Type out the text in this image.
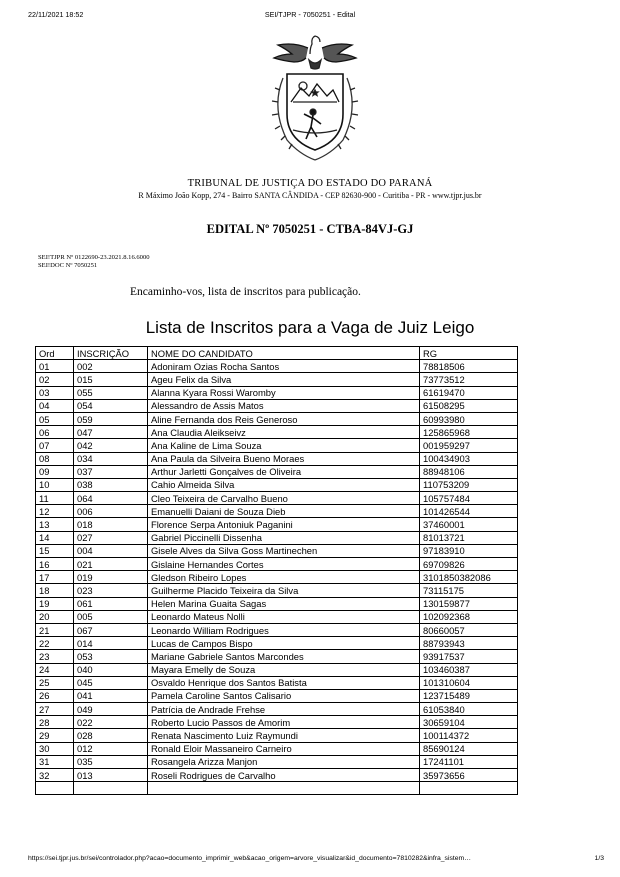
22/11/2021 18:52	SEI/TJPR - 7050251 - Edital
TRIBUNAL DE JUSTIÇA DO ESTADO DO PARANÁ
R Máximo João Kopp, 274 - Bairro SANTA CÂNDIDA - CEP 82630-900 - Curitiba - PR - www.tjpr.jus.br
EDITAL Nº 7050251 - CTBA-84VJ-GJ
SEI!TJPR Nº 0122690-23.2021.8.16.6000
SEI!DOC Nº 7050251
Encaminho-vos, lista de inscritos para publicação.
Lista de Inscritos para a Vaga de Juiz Leigo
Ord	INSCRIÇÃO	NOME DO CANDIDATO	RG
01	002	Adoniram Ozias Rocha Santos	78818506
02	015	Ageu Felix da Silva	73773512
03	055	Alanna Kyara Rossi Waromby	61619470
04	054	Alessandro de Assis Matos	61508295
05	059	Aline Fernanda dos Reis Generoso	60993980
06	047	Ana Claudia Aleikseivz	125865968
07	042	Ana Kaline de Lima Souza	001959297
08	034	Ana Paula da Silveira Bueno Moraes	100434903
09	037	Arthur Jarletti Gonçalves de Oliveira	88948106
10	038	Cahio Almeida Silva	110753209
11	064	Cleo Teixeira de Carvalho Bueno	105757484
12	006	Emanuelli Daiani de Souza Dieb	101426544
13	018	Florence Serpa Antoniuk Paganini	37460001
14	027	Gabriel Piccinelli Dissenha	81013721
15	004	Gisele Alves da Silva Goss Martinechen	97183910
16	021	Gislaine Hernandes Cortes	69709826
17	019	Gledson Ribeiro Lopes	3101850382086
18	023	Guilherme Placido Teixeira da Silva	73115175
19	061	Helen Marina Guaita Sagas	130159877
20	005	Leonardo Mateus Nolli	102092368
21	067	Leonardo William Rodrigues	80660057
22	014	Lucas de Campos Bispo	88793943
23	053	Mariane Gabriele Santos Marcondes	93917537
24	040	Mayara Emelly de Souza	103460387
25	045	Osvaldo Henrique dos Santos Batista	101310604
26	041	Pamela Caroline Santos Calisario	123715489
27	049	Patrícia de Andrade Frehse	61053840
28	022	Roberto Lucio Passos de Amorim	30659104
29	028	Renata Nascimento Luiz Raymundi	100114372
30	012	Ronald Eloir Massaneiro Carneiro	85690124
31	035	Rosangela Arizza Manjon	17241101
32	013	Roseli Rodrigues de Carvalho	35973656

https://sei.tjpr.jus.br/sei/controlador.php?acao=documento_imprimir_web&acao_origem=arvore_visualizar&id_documento=7810282&infra_sistem…	1/3
